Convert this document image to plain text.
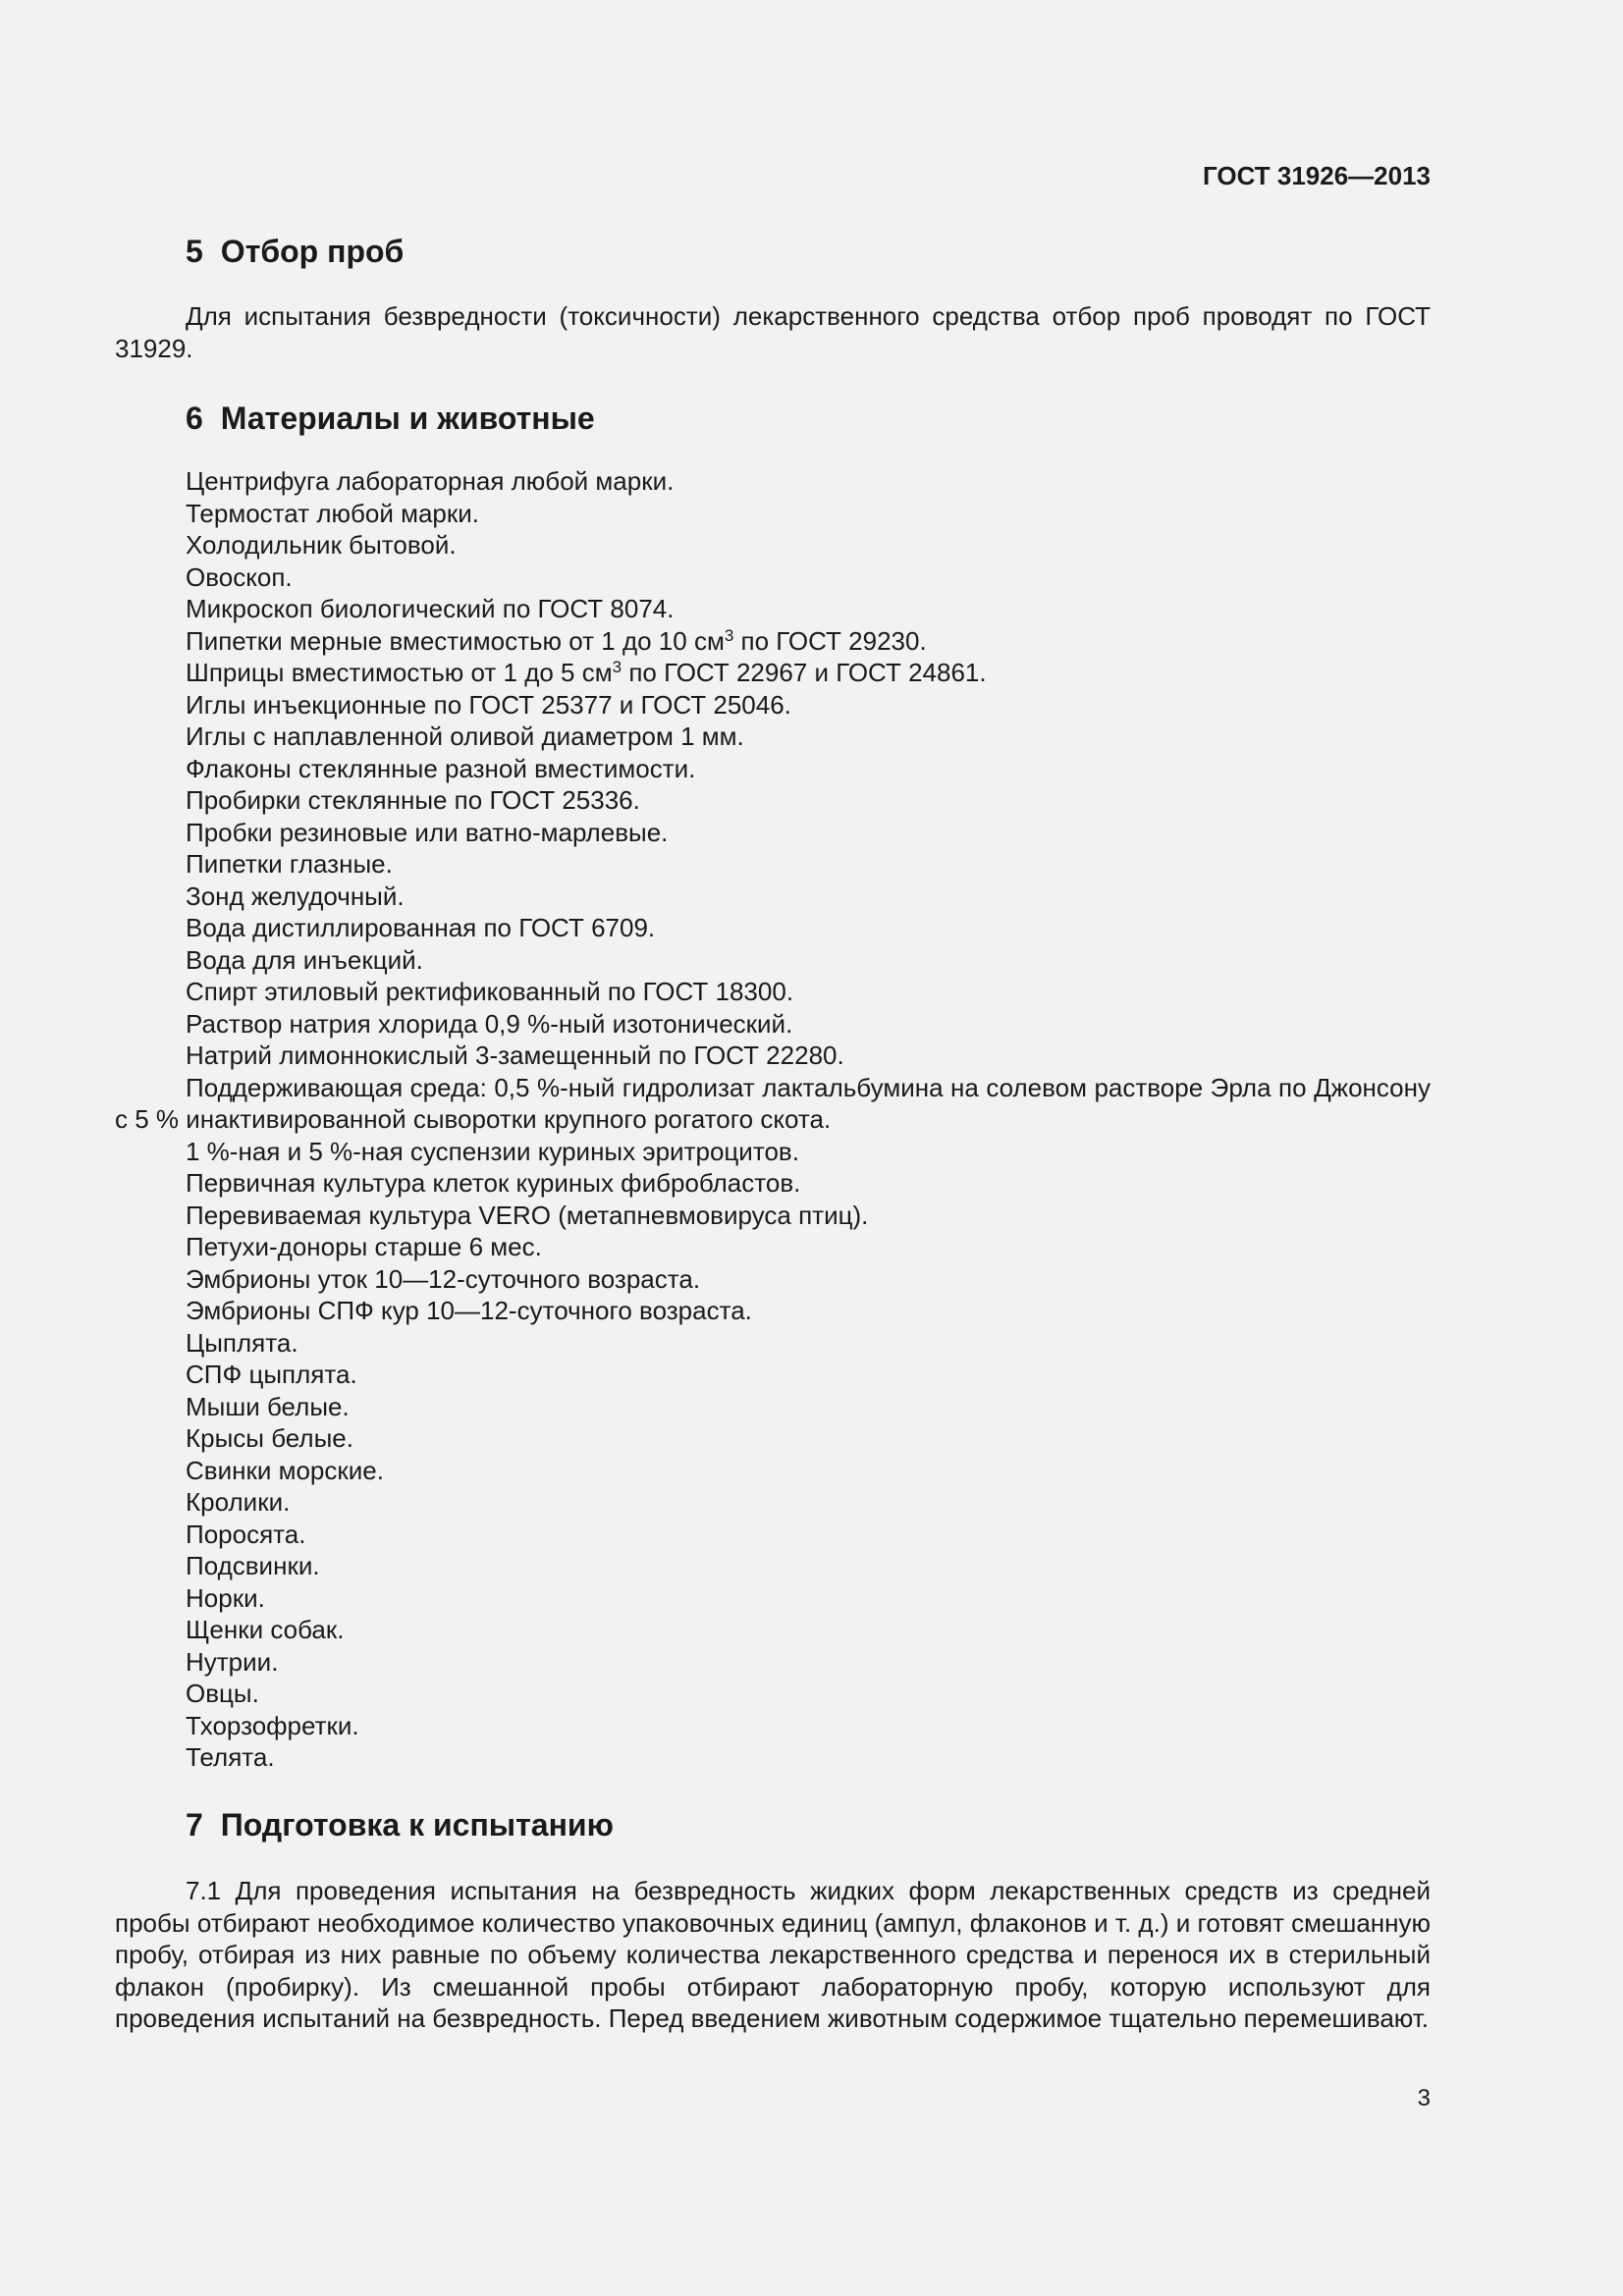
ГОСТ 31926—2013
5 Отбор проб
Для испытания безвредности (токсичности) лекарственного средства отбор проб проводят по ГОСТ 31929.
6 Материалы и животные
Центрифуга лабораторная любой марки.
Термостат любой марки.
Холодильник бытовой.
Овоскоп.
Микроскоп биологический по ГОСТ 8074.
Пипетки мерные вместимостью от 1 до 10 $см^3$ по ГОСТ 29230.
Шприцы вместимостью от 1 до 5 $см^3$ по ГОСТ 22967 и ГОСТ 24861.
Иглы инъекционные по ГОСТ 25377 и ГОСТ 25046.
Иглы с наплавленной оливой диаметром 1 мм.
Флаконы стеклянные разной вместимости.
Пробирки стеклянные по ГОСТ 25336.
Пробки резиновые или ватно-марлевые.
Пипетки глазные.
Зонд желудочный.
Вода дистиллированная по ГОСТ 6709.
Вода для инъекций.
Спирт этиловый ректификованный по ГОСТ 18300.
Раствор натрия хлорида 0,9 %-ный изотонический.
Натрий лимоннокислый 3-замещенный по ГОСТ 22280.
Поддерживающая среда: 0,5 %-ный гидролизат лактальбумина на солевом растворе Эрла по Джонсону с 5 % инактивированной сыворотки крупного рогатого скота.
1 %-ная и 5 %-ная суспензии куриных эритроцитов.
Первичная культура клеток куриных фибробластов.
Перевиваемая культура VERO (метапневмовируса птиц).
Петухи-доноры старше 6 мес.
Эмбрионы уток 10—12-суточного возраста.
Эмбрионы СПФ кур 10—12-суточного возраста.
Цыплята.
СПФ цыплята.
Мыши белые.
Крысы белые.
Свинки морские.
Кролики.
Поросята.
Подсвинки.
Норки.
Щенки собак.
Нутрии.
Овцы.
Тхорзофретки.
Телята.
7 Подготовка к испытанию
7.1 Для проведения испытания на безвредность жидких форм лекарственных средств из средней пробы отбирают необходимое количество упаковочных единиц (ампул, флаконов и т. д.) и готовят смешанную пробу, отбирая из них равные по объему количества лекарственного средства и перенося их в стерильный флакон (пробирку). Из смешанной пробы отбирают лабораторную пробу, которую используют для проведения испытаний на безвредность. Перед введением животным содержимое тщательно перемешивают.
3
